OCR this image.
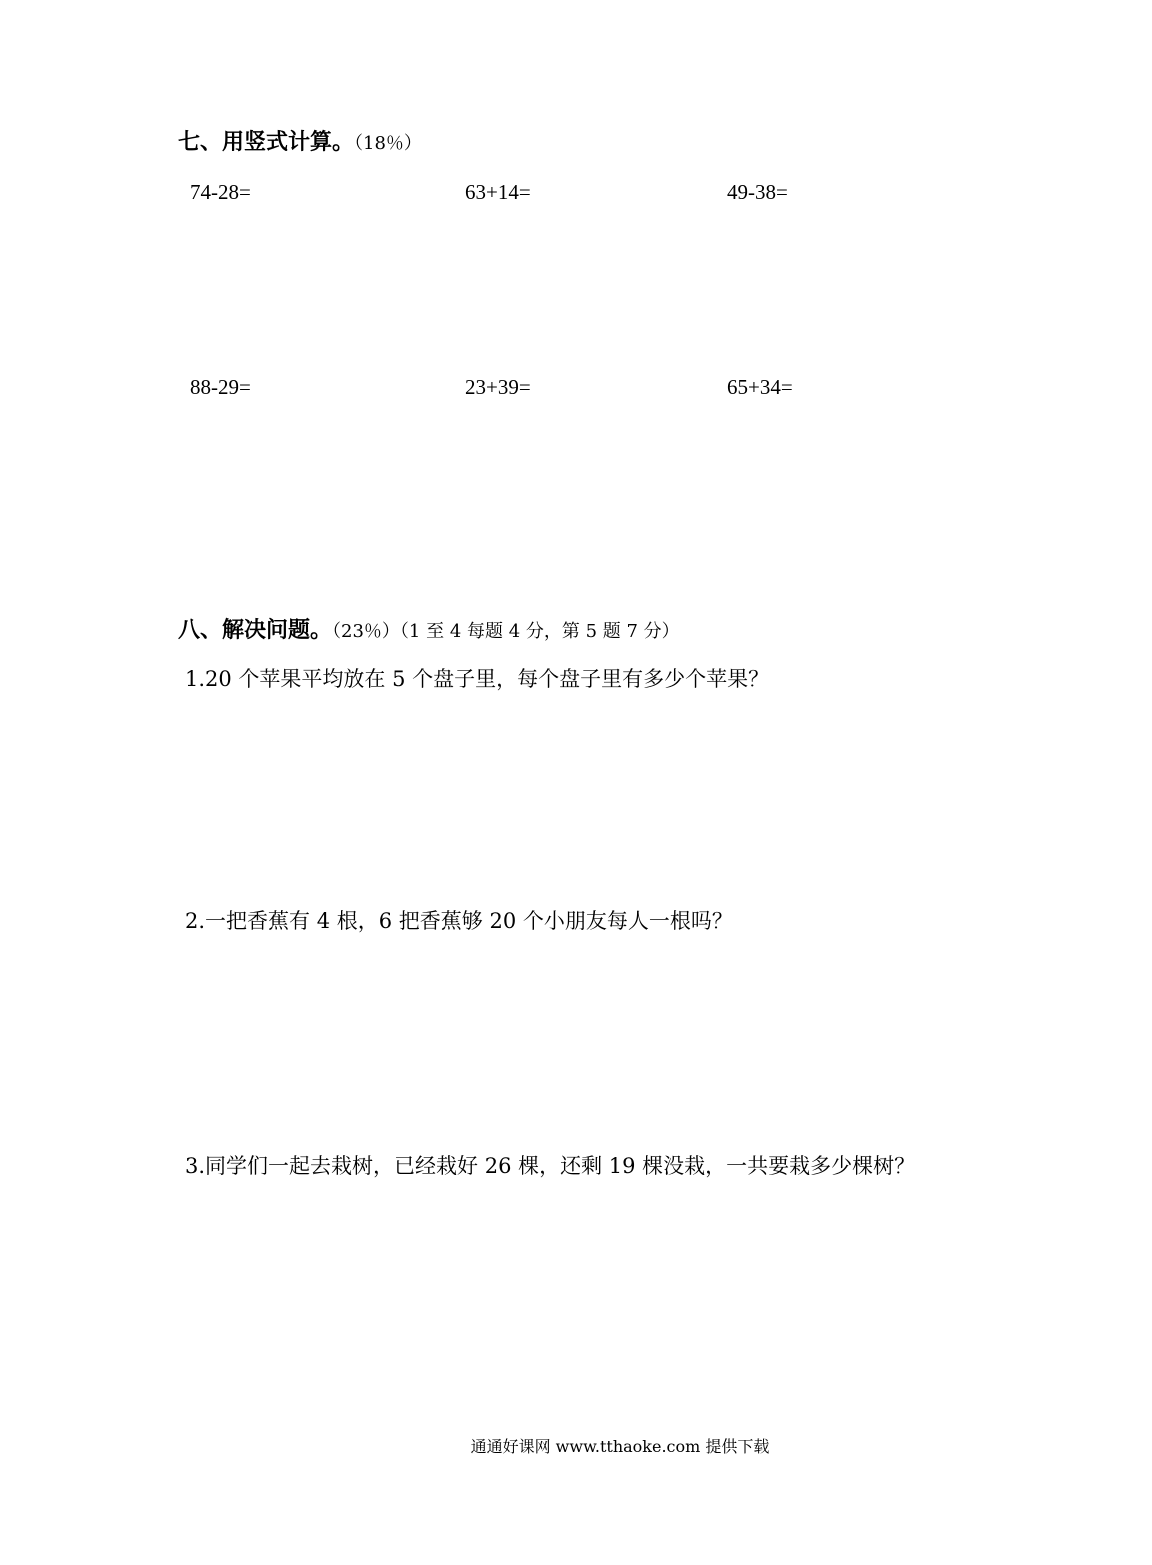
七、用竖式计算。（18％）
74-28=	63+14=	49-38=
88-29=	23+39=	65+34=
八、解决问题。（23％）（1 至 4 每题 4 分，第 5 题 7 分）
1.20 个苹果平均放在 5 个盘子里，每个盘子里有多少个苹果？
2.一把香蕉有 4 根，6 把香蕉够 20 个小朋友每人一根吗？
3.同学们一起去栽树，已经栽好 26 棵，还剩 19 棵没栽，一共要栽多少棵树？
通通好课网 www.tthaoke.com 提供下载
